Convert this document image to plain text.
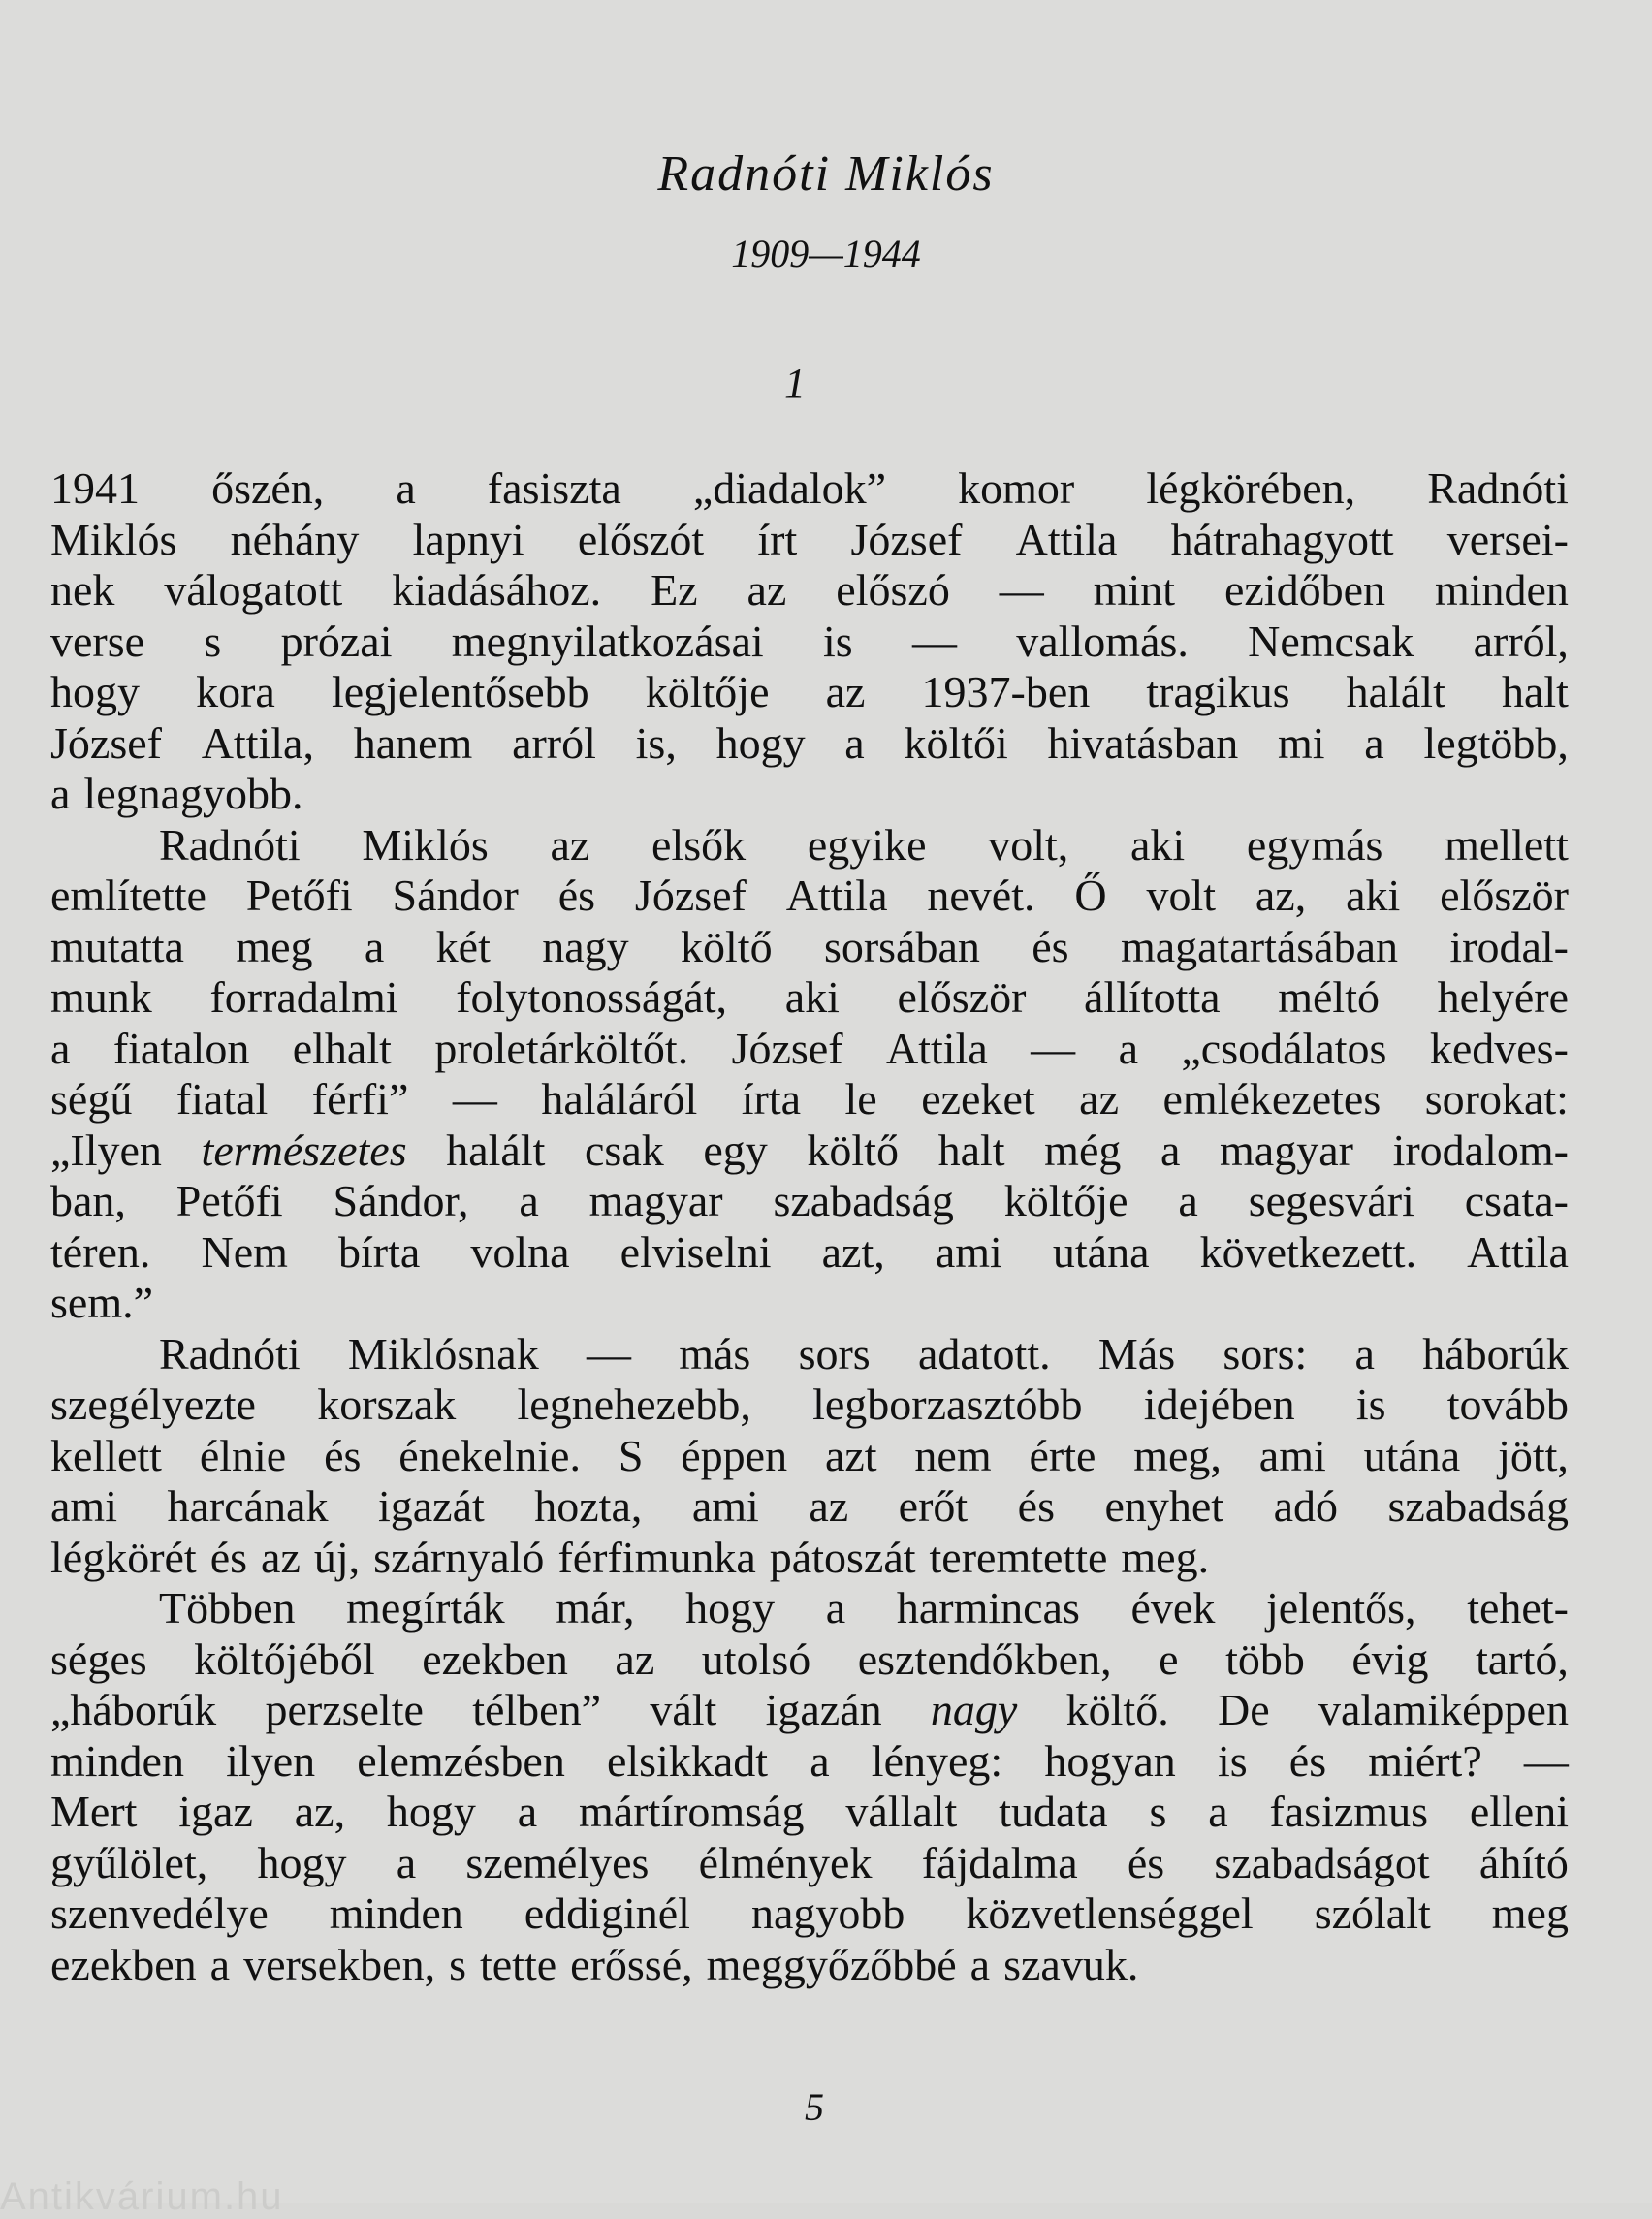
Radnóti Miklós
1909—1944
1
1941 őszén, a fasiszta „diadalok” komor légkörében, Radnóti
Miklós néhány lapnyi előszót írt József Attila hátrahagyott versei-
nek válogatott kiadásához. Ez az előszó — mint ezidőben minden
verse s prózai megnyilatkozásai is — vallomás. Nemcsak arról,
hogy kora legjelentősebb költője az 1937-ben tragikus halált halt
József Attila, hanem arról is, hogy a költői hivatásban mi a legtöbb,
a legnagyobb.
Radnóti Miklós az elsők egyike volt, aki egymás mellett
említette Petőfi Sándor és József Attila nevét. Ő volt az, aki először
mutatta meg a két nagy költő sorsában és magatartásában irodal-
munk forradalmi folytonosságát, aki először állította méltó helyére
a fiatalon elhalt proletárköltőt. József Attila — a „csodálatos kedves-
ségű fiatal férfi” — haláláról írta le ezeket az emlékezetes sorokat:
„Ilyen természetes halált csak egy költő halt még a magyar irodalom-
ban, Petőfi Sándor, a magyar szabadság költője a segesvári csata-
téren. Nem bírta volna elviselni azt, ami utána következett. Attila
sem.”
Radnóti Miklósnak — más sors adatott. Más sors: a háborúk
szegélyezte korszak legnehezebb, legborzasztóbb idejében is tovább
kellett élnie és énekelnie. S éppen azt nem érte meg, ami utána jött,
ami harcának igazát hozta, ami az erőt és enyhet adó szabadság
légkörét és az új, szárnyaló férfimunka pátoszát teremtette meg.
Többen megírták már, hogy a harmincas évek jelentős, tehet-
séges költőjéből ezekben az utolsó esztendőkben, e több évig tartó,
„háborúk perzselte télben” vált igazán nagy költő. De valamiképpen
minden ilyen elemzésben elsikkadt a lényeg: hogyan is és miért? —
Mert igaz az, hogy a mártíromság vállalt tudata s a fasizmus elleni
gyűlölet, hogy a személyes élmények fájdalma és szabadságot áhító
szenvedélye minden eddiginél nagyobb közvetlenséggel szólalt meg
ezekben a versekben, s tette erőssé, meggyőzőbbé a szavuk.
5
Antikvárium.hu
